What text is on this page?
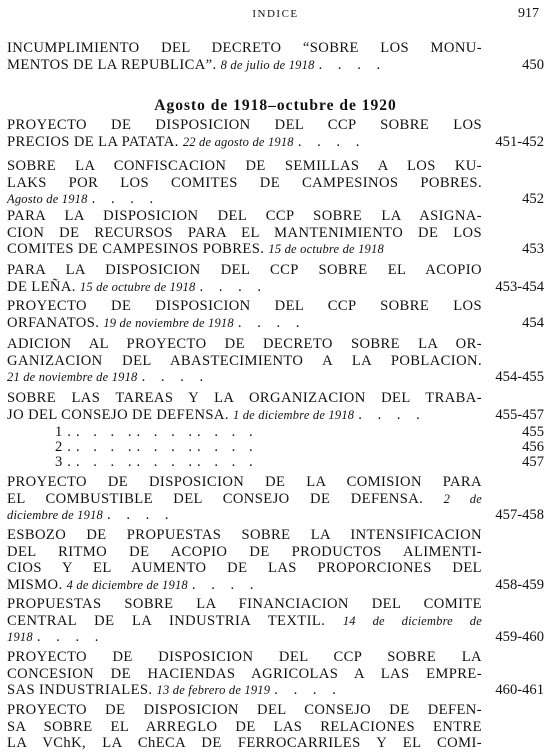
INDICE	917
INCUMPLIMIENTO DEL DECRETO “SOBRE LOS MONU-
MENTOS DE LA REPUBLICA”. 8 de julio de 1918 . . . .	450
Agosto de 1918–octubre de 1920
PROYECTO DE DISPOSICION DEL CCP SOBRE LOS
PRECIOS DE LA PATATA. 22 de agosto de 1918 . . . .	451-452
SOBRE LA CONFISCACION DE SEMILLAS A LOS KU-
LAKS POR LOS COMITES DE CAMPESINOS POBRES.
Agosto de 1918 . . . .	452
PARA LA DISPOSICION DEL CCP SOBRE LA ASIGNA-
CION DE RECURSOS PARA EL MANTENIMIENTO DE LOS
COMITES DE CAMPESINOS POBRES. 15 de octubre de 1918	453
PARA LA DISPOSICION DEL CCP SOBRE EL ACOPIO
DE LEÑA. 15 de octubre de 1918 . . . .	453-454
PROYECTO DE DISPOSICION DEL CCP SOBRE LOS
ORFANATOS. 19 de noviembre de 1918 . . . .	454
ADICION AL PROYECTO DE DECRETO SOBRE LA OR-
GANIZACION DEL ABASTECIMIENTO A LA POBLACION.
21 de noviembre de 1918 . . . .	454-455
SOBRE LAS TAREAS Y LA ORGANIZACION DEL TRABA-
JO DEL CONSEJO DE DEFENSA. 1 de diciembre de 1918 . . . .	455-457
1.. . . .. . . .. . . .	455
2.. . . .. . . .. . . .	456
3.. . . .. . . .. . . .	457
PROYECTO DE DISPOSICION DE LA COMISION PARA
EL COMBUSTIBLE DEL CONSEJO DE DEFENSA. 2 de
diciembre de 1918 . . . .	457-458
ESBOZO DE PROPUESTAS SOBRE LA INTENSIFICACION
DEL RITMO DE ACOPIO DE PRODUCTOS ALIMENTI-
CIOS Y EL AUMENTO DE LAS PROPORCIONES DEL
MISMO. 4 de diciembre de 1918 . . . .	458-459
PROPUESTAS SOBRE LA FINANCIACION DEL COMITE
CENTRAL DE LA INDUSTRIA TEXTIL. 14 de diciembre de
1918 . . . .	459-460
PROYECTO DE DISPOSICION DEL CCP SOBRE LA
CONCESION DE HACIENDAS AGRICOLAS A LAS EMPRE-
SAS INDUSTRIALES. 13 de febrero de 1919 . . . .	460-461
PROYECTO DE DISPOSICION DEL CONSEJO DE DEFEN-
SA SOBRE EL ARREGLO DE LAS RELACIONES ENTRE
LA VChK, LA ChECA DE FERROCARRILES Y EL COMI-
